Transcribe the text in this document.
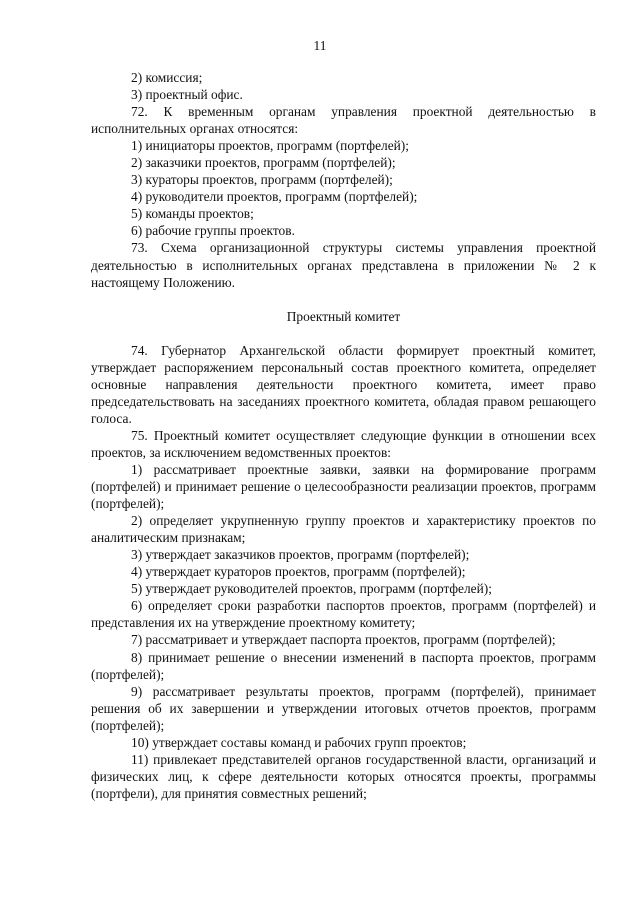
11

2) комиссия;

3) проектный офис.

72. К временным органам управления проектной деятельностью в исполнительных органах относятся:

1) инициаторы проектов, программ (портфелей);

2) заказчики проектов, программ (портфелей);

3) кураторы проектов, программ (портфелей);

4) руководители проектов, программ (портфелей);

5) команды проектов;

6) рабочие группы проектов.

73. Схема организационной структуры системы управления проектной деятельностью в исполнительных органах представлена в приложении № 2 к настоящему Положению.

Проектный комитет

74. Губернатор Архангельской области формирует проектный комитет, утверждает распоряжением персональный состав проектного комитета, определяет основные направления деятельности проектного комитета, имеет право председательствовать на заседаниях проектного комитета, обладая правом решающего голоса.

75. Проектный комитет осуществляет следующие функции в отношении всех проектов, за исключением ведомственных проектов:

1) рассматривает проектные заявки, заявки на формирование программ (портфелей) и принимает решение о целесообразности реализации проектов, программ (портфелей);

2) определяет укрупненную группу проектов и характеристику проектов по аналитическим признакам;

3) утверждает заказчиков проектов, программ (портфелей);

4) утверждает кураторов проектов, программ (портфелей);

5) утверждает руководителей проектов, программ (портфелей);

6) определяет сроки разработки паспортов проектов, программ (портфелей) и представления их на утверждение проектному комитету;

7) рассматривает и утверждает паспорта проектов, программ (портфелей);

8) принимает решение о внесении изменений в паспорта проектов, программ (портфелей);

9) рассматривает результаты проектов, программ (портфелей), принимает решения об их завершении и утверждении итоговых отчетов проектов, программ (портфелей);

10) утверждает составы команд и рабочих групп проектов;

11) привлекает представителей органов государственной власти, организаций и физических лиц, к сфере деятельности которых относятся проекты, программы (портфели), для принятия совместных решений;
